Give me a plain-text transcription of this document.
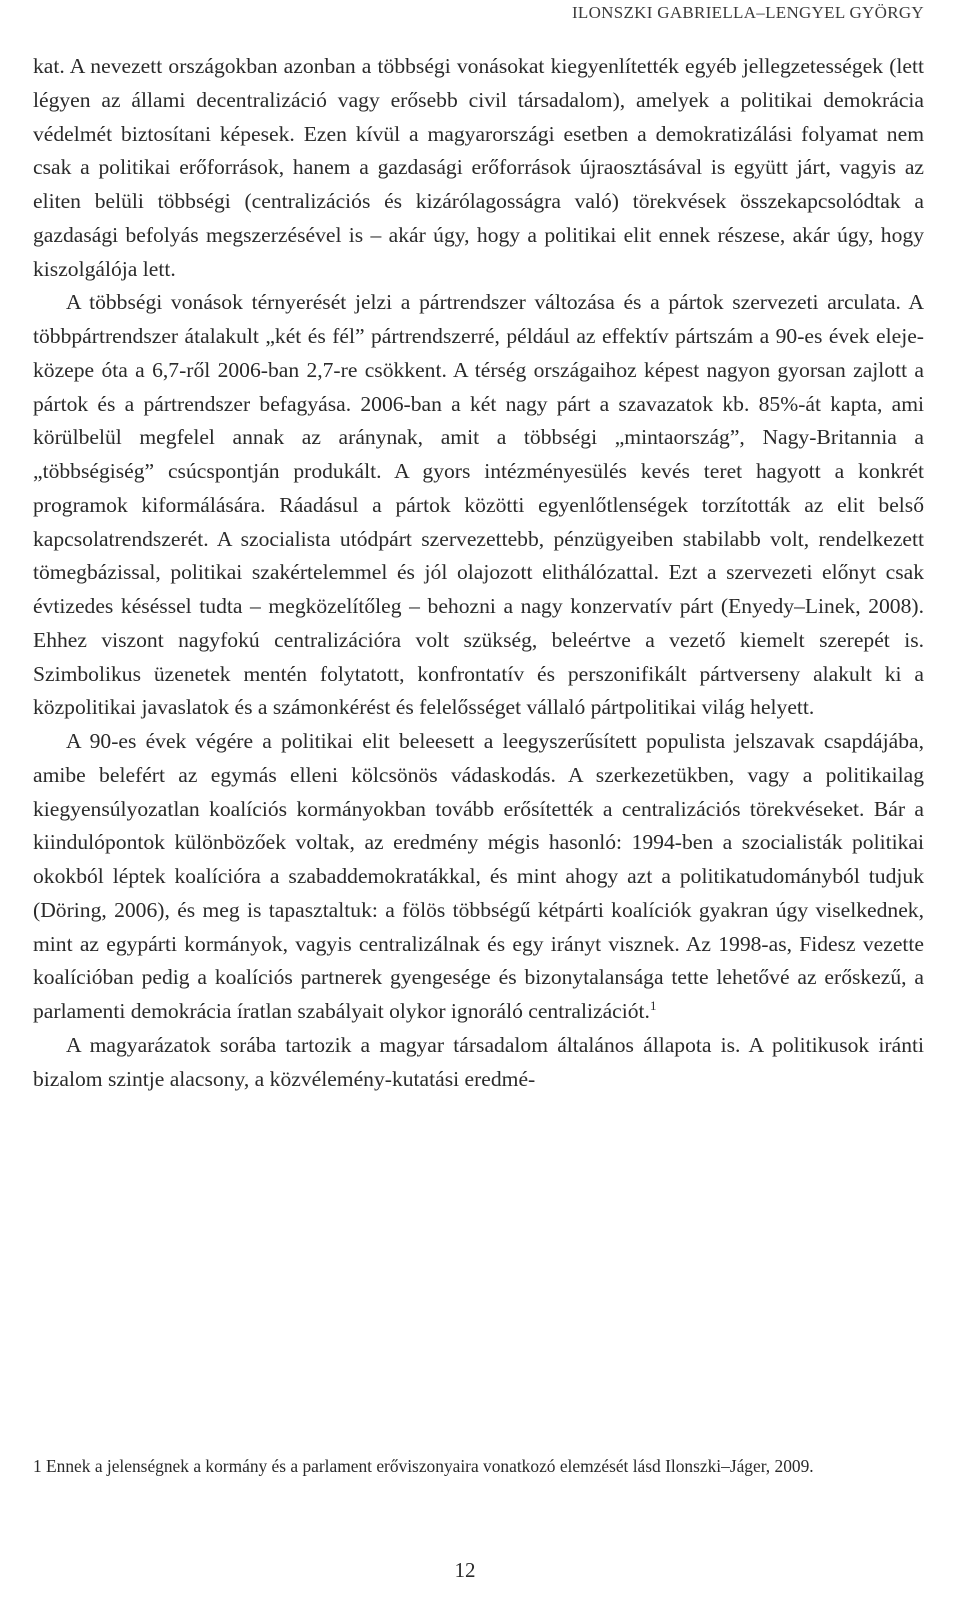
ILONSZKI GABRIELLA–LENGYEL GYÖRGY

kat. A nevezett országokban azonban a többségi vonásokat kiegyenlítették egyéb jellegzetességek (lett légyen az állami decentralizáció vagy erősebb civil társadalom), amelyek a politikai demokrácia védelmét biztosítani képesek. Ezen kívül a magyarországi esetben a demokratizálási folyamat nem csak a politikai erőforrások, hanem a gazdasági erőforrások újraosztásával is együtt járt, vagyis az eliten belüli többségi (centralizációs és kizárólagosságra való) törekvések összekapcsolódtak a gazdasági befolyás megszerzésével is – akár úgy, hogy a politikai elit ennek részese, akár úgy, hogy kiszolgálója lett.

A többségi vonások térnyerését jelzi a pártrendszer változása és a pártok szervezeti arculata. A többpártrendszer átalakult „két és fél” pártrendszerré, például az effektív pártszám a 90-es évek eleje-közepe óta a 6,7-ről 2006-ban 2,7-re csökkent. A térség országaihoz képest nagyon gyorsan zajlott a pártok és a pártrendszer befagyása. 2006-ban a két nagy párt a szavazatok kb. 85%-át kapta, ami körülbelül megfelel annak az aránynak, amit a többségi „mintaország”, Nagy-Britannia a „többségiség” csúcspontján produkált. A gyors intézményesülés kevés teret hagyott a konkrét programok kiformálására. Ráadásul a pártok közötti egyenlőtlenségek torzították az elit belső kapcsolatrendszerét. A szocialista utódpárt szervezettebb, pénzügyeiben stabilabb volt, rendelkezett tömegbázissal, politikai szakértelemmel és jól olajozott elithálózattal. Ezt a szervezeti előnyt csak évtizedes késéssel tudta – megközelítőleg – behozni a nagy konzervatív párt (Enyedy–Linek, 2008). Ehhez viszont nagyfokú centralizációra volt szükség, beleértve a vezető kiemelt szerepét is. Szimbolikus üzenetek mentén folytatott, konfrontatív és perszonifikált pártverseny alakult ki a közpolitikai javaslatok és a számonkérést és felelősséget vállaló pártpolitikai világ helyett.

A 90-es évek végére a politikai elit beleesett a leegyszerűsített populista jelszavak csapdájába, amibe belefért az egymás elleni kölcsönös vádaskodás. A szerkezetükben, vagy a politikailag kiegyensúlyozatlan koalíciós kormányokban tovább erősítették a centralizációs törekvéseket. Bár a kiindulópontok különbözőek voltak, az eredmény mégis hasonló: 1994-ben a szocialisták politikai okokból léptek koalícióra a szabaddemokratákkal, és mint ahogy azt a politikatudományból tudjuk (Döring, 2006), és meg is tapasztaltuk: a fölös többségű kétpárti koalíciók gyakran úgy viselkednek, mint az egypárti kormányok, vagyis centralizálnak és egy irányt visznek. Az 1998-as, Fidesz vezette koalícióban pedig a koalíciós partnerek gyengesége és bizonytalansága tette lehetővé az erőskezű, a parlamenti demokrácia íratlan szabályait olykor ignoráló centralizációt.$^1$

A magyarázatok sorába tartozik a magyar társadalom általános állapota is. A politikusok iránti bizalom szintje alacsony, a közvélemény-kutatási eredmé-

1 Ennek a jelenségnek a kormány és a parlament erőviszonyaira vonatkozó elemzését lásd Ilonszki–Jáger, 2009.
12
